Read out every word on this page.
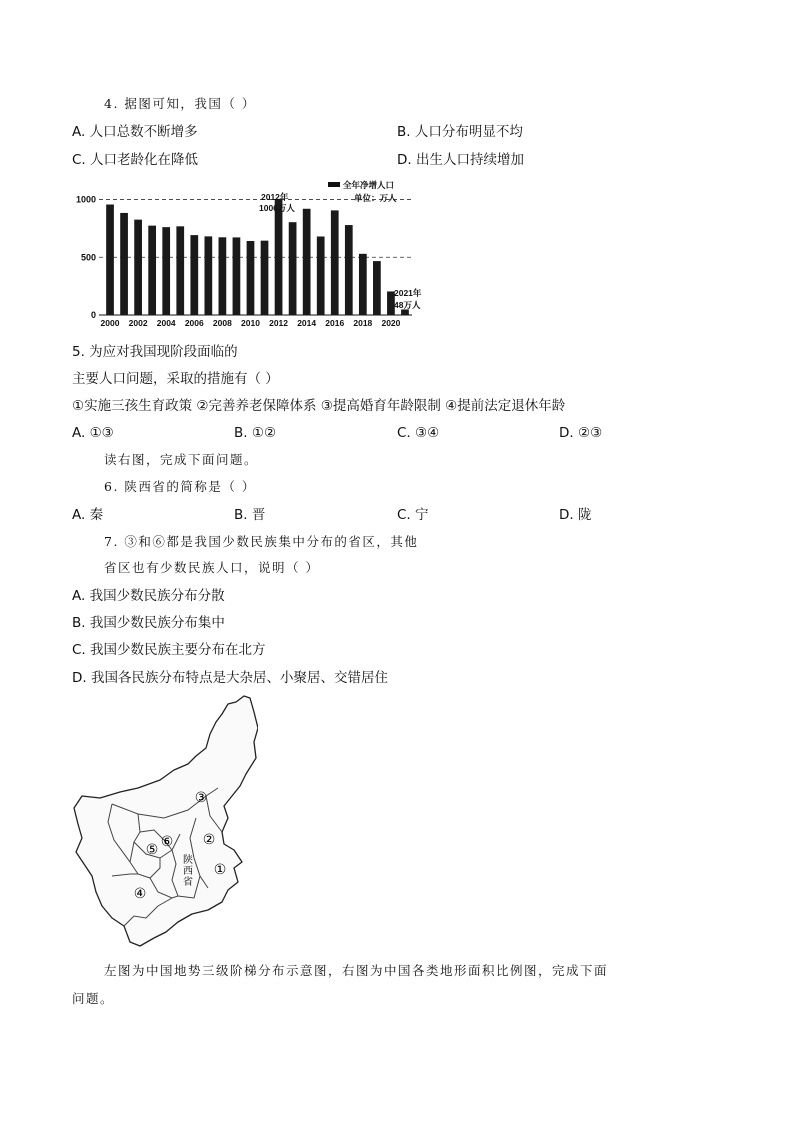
4. 据图可知，我国（ ）
A. 人口总数不断增多	B. 人口分布明显不均
C. 人口老龄化在降低	D. 出生人口持续增加
1000
500
0
2000 2002 2004 2006 2008 2010 2012 2014 2016 2018 2020
全年净增人口
单位：万人
2012年
1006万人
2021年
48万人
5. 为应对我国现阶段面临的
主要人口问题，采取的措施有（ ）
①实施三孩生育政策 ②完善养老保障体系 ③提高婚育年龄限制 ④提前法定退休年龄
A. ①③	B. ①②	C. ③④	D. ②③
读右图，完成下面问题。
6. 陕西省的简称是（ ）
A. 秦	B. 晋	C. 宁	D. 陇
7. ③和⑥都是我国少数民族集中分布的省区，其他
省区也有少数民族人口，说明（ ）
A. 我国少数民族分布分散
B. 我国少数民族分布集中
C. 我国少数民族主要分布在北方
D. 我国各民族分布特点是大杂居、小聚居、交错居住
③
②
⑥
⑤
①
④
陕
西
省
左图为中国地势三级阶梯分布示意图，右图为中国各类地形面积比例图，完成下面
问题。
